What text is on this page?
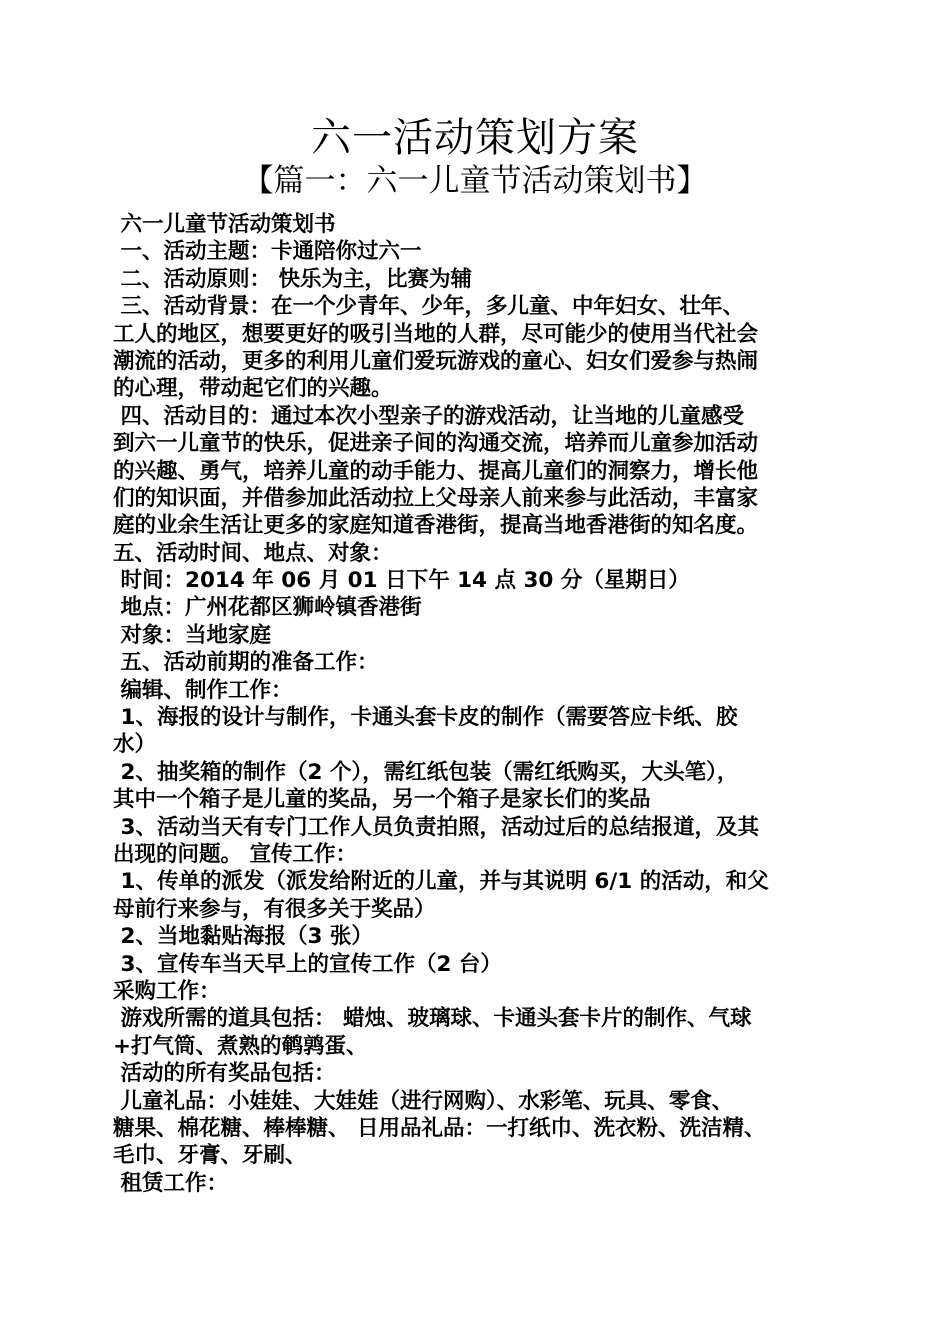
六一活动策划方案
【篇一：六一儿童节活动策划书】
六一儿童节活动策划书
一、活动主题：卡通陪你过六一
二、活动原则： 快乐为主，比赛为辅
三、活动背景：在一个少青年、少年，多儿童、中年妇女、壮年、
工人的地区，想要更好的吸引当地的人群，尽可能少的使用当代社会
潮流的活动，更多的利用儿童们爱玩游戏的童心、妇女们爱参与热闹
的心理，带动起它们的兴趣。
四、活动目的：通过本次小型亲子的游戏活动，让当地的儿童感受
到六一儿童节的快乐，促进亲子间的沟通交流，培养而儿童参加活动
的兴趣、勇气，培养儿童的动手能力、提高儿童们的洞察力，增长他
们的知识面，并借参加此活动拉上父母亲人前来参与此活动，丰富家
庭的业余生活让更多的家庭知道香港街，提高当地香港街的知名度。
五、活动时间、地点、对象：
时间：2014 年 06 月 01 日下午 14 点 30 分（星期日）
地点：广州花都区狮岭镇香港街
对象：当地家庭
五、活动前期的准备工作：
编辑、制作工作：
1、海报的设计与制作，卡通头套卡皮的制作（需要答应卡纸、胶
水）
2、抽奖箱的制作（2 个），需红纸包装（需红纸购买，大头笔），
其中一个箱子是儿童的奖品，另一个箱子是家长们的奖品
3、活动当天有专门工作人员负责拍照，活动过后的总结报道，及其
出现的问题。 宣传工作：
1、传单的派发（派发给附近的儿童，并与其说明 6/1 的活动，和父
母前行来参与，有很多关于奖品）
2、当地黏贴海报（3 张）
3、宣传车当天早上的宣传工作（2 台）
采购工作：
游戏所需的道具包括： 蜡烛、玻璃球、卡通头套卡片的制作、气球
+打气筒、煮熟的鹌鹑蛋、
活动的所有奖品包括：
儿童礼品：小娃娃、大娃娃（进行网购）、水彩笔、玩具、零食、
糖果、棉花糖、棒棒糖、 日用品礼品：一打纸巾、洗衣粉、洗洁精、
毛巾、牙膏、牙刷、
租赁工作：
